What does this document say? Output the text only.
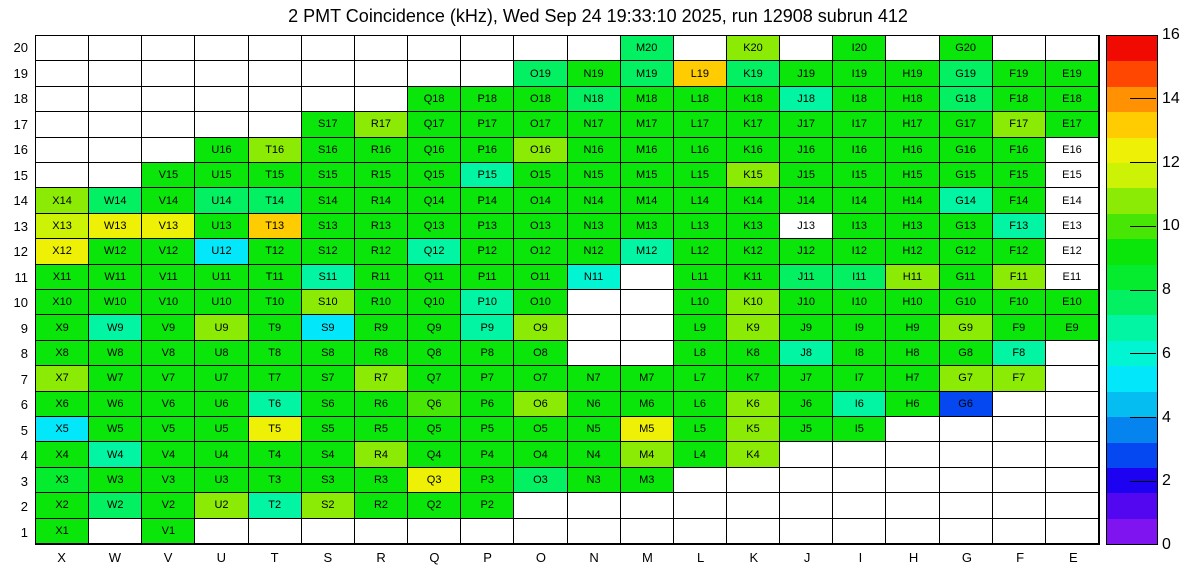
2 PMT Coincidence (kHz), Wed Sep 24 19:33:10 2025, run 12908 subrun 412
M20	K20	I20	G20
O19	N19	M19	L19	K19	J19	I19	H19	G19	F19	E19
Q18	P18	O18	N18	M18	L18	K18	J18	I18	H18	G18	F18	E18
S17	R17	Q17	P17	O17	N17	M17	L17	K17	J17	I17	H17	G17	F17	E17
U16	T16	S16	R16	Q16	P16	O16	N16	M16	L16	K16	J16	I16	H16	G16	F16	E16
V15	U15	T15	S15	R15	Q15	P15	O15	N15	M15	L15	K15	J15	I15	H15	G15	F15	E15
X14	W14	V14	U14	T14	S14	R14	Q14	P14	O14	N14	M14	L14	K14	J14	I14	H14	G14	F14	E14
X13	W13	V13	U13	T13	S13	R13	Q13	P13	O13	N13	M13	L13	K13	J13	I13	H13	G13	F13	E13
X12	W12	V12	U12	T12	S12	R12	Q12	P12	O12	N12	M12	L12	K12	J12	I12	H12	G12	F12	E12
X11	W11	V11	U11	T11	S11	R11	Q11	P11	O11	N11	L11	K11	J11	I11	H11	G11	F11	E11
X10	W10	V10	U10	T10	S10	R10	Q10	P10	O10	L10	K10	J10	I10	H10	G10	F10	E10
X9	W9	V9	U9	T9	S9	R9	Q9	P9	O9	L9	K9	J9	I9	H9	G9	F9	E9
X8	W8	V8	U8	T8	S8	R8	Q8	P8	O8	L8	K8	J8	I8	H8	G8	F8
X7	W7	V7	U7	T7	S7	R7	Q7	P7	O7	N7	M7	L7	K7	J7	I7	H7	G7	F7
X6	W6	V6	U6	T6	S6	R6	Q6	P6	O6	N6	M6	L6	K6	J6	I6	H6	G6
X5	W5	V5	U5	T5	S5	R5	Q5	P5	O5	N5	M5	L5	K5	J5	I5
X4	W4	V4	U4	T4	S4	R4	Q4	P4	O4	N4	M4	L4	K4
X3	W3	V3	U3	T3	S3	R3	Q3	P3	O3	N3	M3
X2	W2	V2	U2	T2	S2	R2	Q2	P2
X1	V1
20
19
18
17
16
15
14
13
12
11
10
9
8
7
6
5
4
3
2
1
X	W	V	U	T	S	R	Q	P	O	N	M	L	K	J	I	H	G	F	E
0
2
4
6
8
10
12
14
16
